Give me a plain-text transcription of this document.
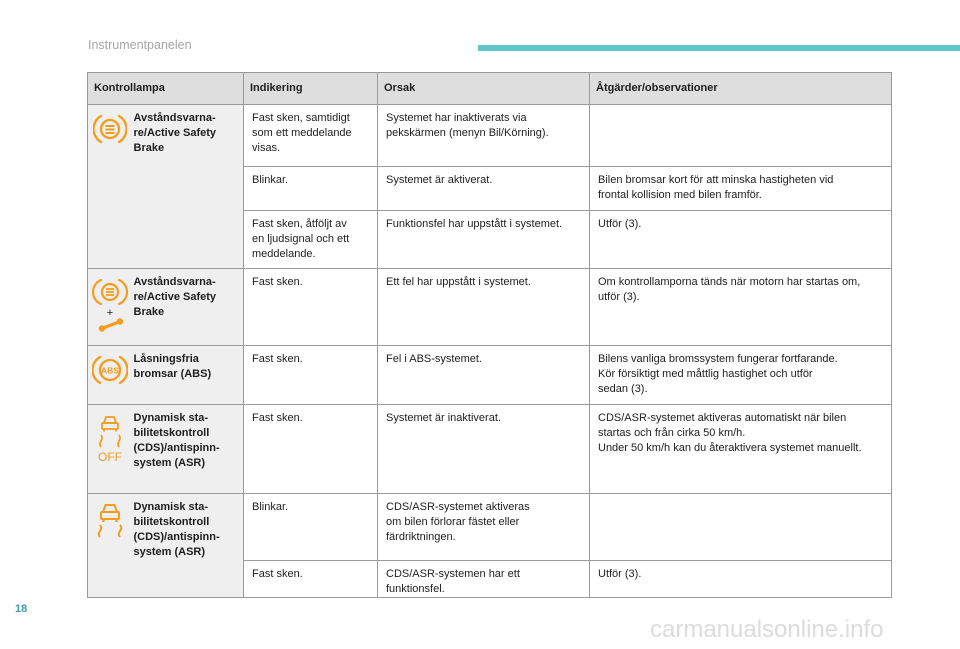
Instrumentpanelen
Kontrollampa		Indikering	Orsak	Åtgärder/observationer

Avståndsvarna-
re/Active Safety
Brake	Fast sken, samtidigt
som ett meddelande
visas.	Systemet har inaktiverats via
pekskärmen (menyn Bil/Körning).	

		Blinkar.	Systemet är aktiverat.	Bilen bromsar kort för att minska hastigheten vid
frontal kollision med bilen framför.

		Fast sken, åtföljt av
en ljudsignal och ett
meddelande.	Funktionsfel har uppstått i systemet.	Utför (3).

+	Avståndsvarna-
re/Active Safety
Brake	Fast sken.	Ett fel har uppstått i systemet.	Om kontrollamporna tänds när motorn har startas om,
utför (3).

ABS	Låsningsfria
bromsar (ABS)	Fast sken.	Fel i ABS-systemet.	Bilens vanliga bromssystem fungerar fortfarande.
Kör försiktigt med måttlig hastighet och utför
sedan (3).

OFF	Dynamisk sta-
bilitetskontroll
(CDS)/antispinn-
system (ASR)	Fast sken.	Systemet är inaktiverat.	CDS/ASR-systemet aktiveras automatiskt när bilen
startas och från cirka 50 km/h.
Under 50 km/h kan du återaktivera systemet manuellt.

Dynamisk sta-
bilitetskontroll
(CDS)/antispinn-
system (ASR)	Blinkar.	CDS/ASR-systemet aktiveras
om bilen förlorar fästet eller
färdriktningen.	

		Fast sken.	CDS/ASR-systemen har ett
funktionsfel.	Utför (3).
18
carmanualsonline.info
